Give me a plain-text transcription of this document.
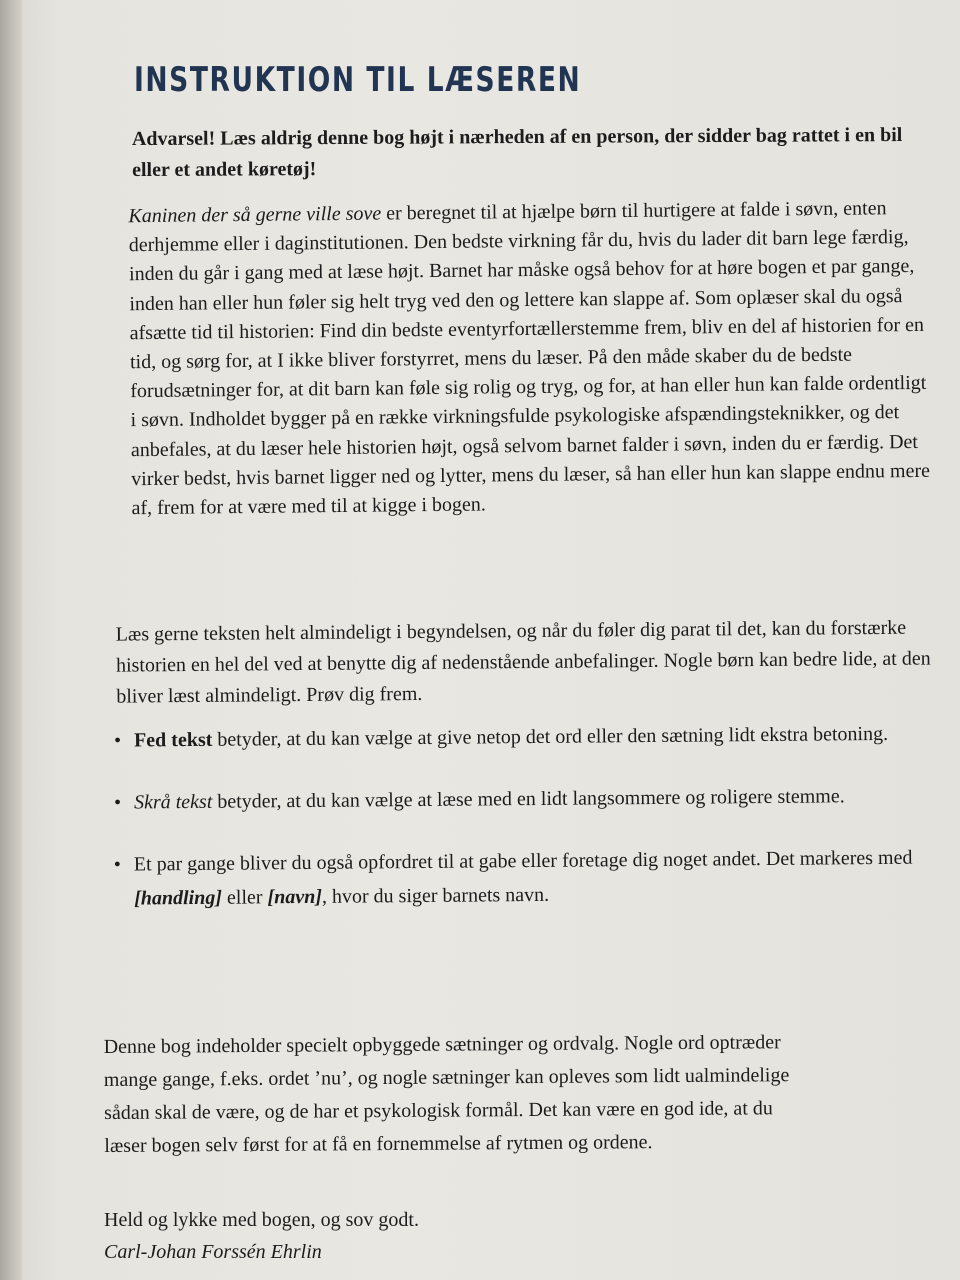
INSTRUKTION TIL LÆSEREN

Advarsel! Læs aldrig denne bog højt i nærheden af en person, der sidder bag rattet i en bil eller et andet køretøj!

Kaninen der så gerne ville sove er beregnet til at hjælpe børn til hurtigere at falde i søvn, enten derhjemme eller i daginstitutionen. Den bedste virkning får du, hvis du lader dit barn lege færdig, inden du går i gang med at læse højt. Barnet har måske også behov for at høre bogen et par gange, inden han eller hun føler sig helt tryg ved den og lettere kan slappe af. Som oplæser skal du også afsætte tid til historien: Find din bedste eventyrfortællerstemme frem, bliv en del af historien for en tid, og sørg for, at I ikke bliver forstyrret, mens du læser. På den måde skaber du de bedste forudsætninger for, at dit barn kan føle sig rolig og tryg, og for, at han eller hun kan falde ordentligt i søvn. Indholdet bygger på en række virkningsfulde psykologiske afspændingsteknikker, og det anbefales, at du læser hele historien højt, også selvom barnet falder i søvn, inden du er færdig. Det virker bedst, hvis barnet ligger ned og lytter, mens du læser, så han eller hun kan slappe endnu mere af, frem for at være med til at kigge i bogen.

Læs gerne teksten helt almindeligt i begyndelsen, og når du føler dig parat til det, kan du forstærke historien en hel del ved at benytte dig af nedenstående anbefalinger. Nogle børn kan bedre lide, at den bliver læst almindeligt. Prøv dig frem.

• Fed tekst betyder, at du kan vælge at give netop det ord eller den sætning lidt ekstra betoning.
• Skrå tekst betyder, at du kan vælge at læse med en lidt langsommere og roligere stemme.
• Et par gange bliver du også opfordret til at gabe eller foretage dig noget andet. Det markeres med [handling] eller [navn], hvor du siger barnets navn.

Denne bog indeholder specielt opbyggede sætninger og ordvalg. Nogle ord optræder
mange gange, f.eks. ordet ’nu’, og nogle sætninger kan opleves som lidt ualmindelige
sådan skal de være, og de har et psykologisk formål. Det kan være en god ide, at du
læser bogen selv først for at få en fornemmelse af rytmen og ordene.

Held og lykke med bogen, og sov godt.
Carl-Johan Forssén Ehrlin
